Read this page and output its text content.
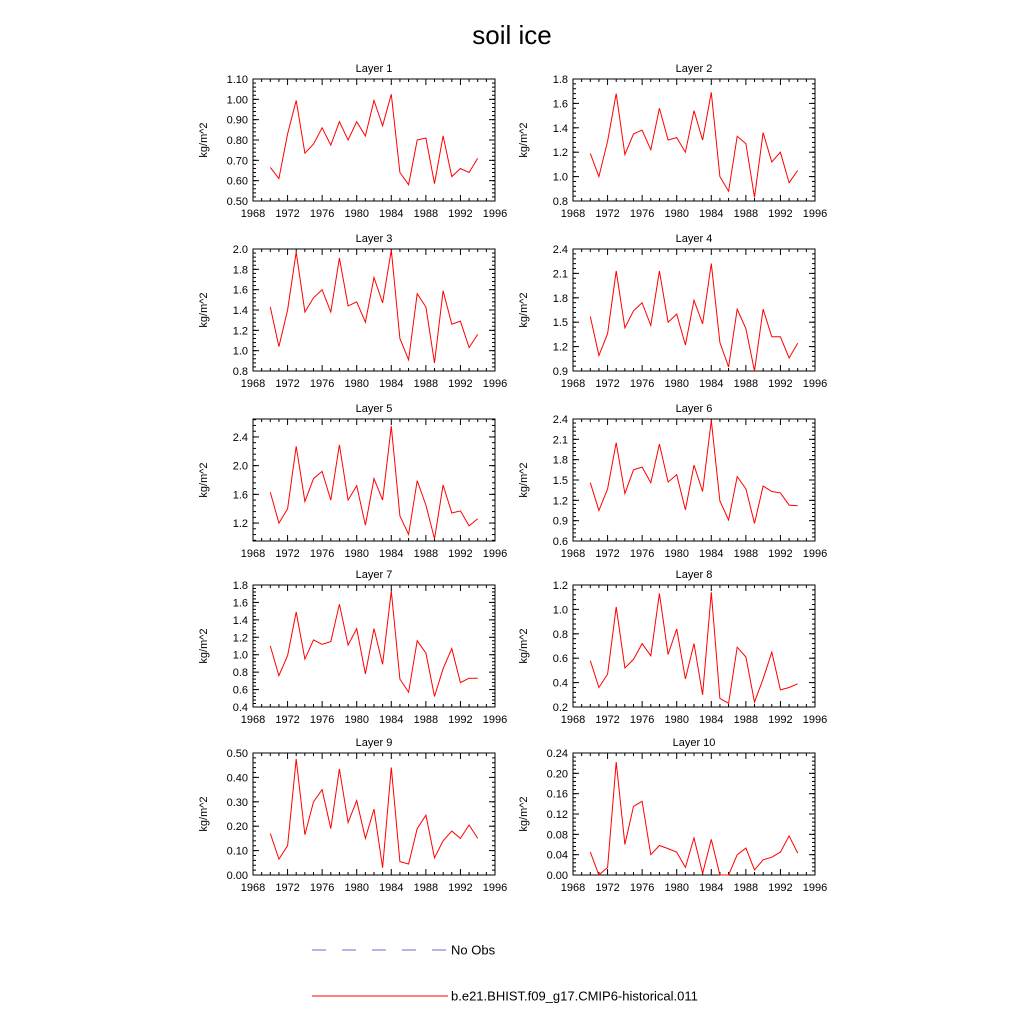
soil ice
Layer 1
kg/m^2
1968 1972 1976 1980 1984 1988 1992 1996
0.50
0.60
0.70
0.80
0.90
1.00
1.10
Layer 2
kg/m^2
1968 1972 1976 1980 1984 1988 1992 1996
0.8
1.0
1.2
1.4
1.6
1.8
Layer 3
kg/m^2
1968 1972 1976 1980 1984 1988 1992 1996
0.8
1.0
1.2
1.4
1.6
1.8
2.0
Layer 4
kg/m^2
1968 1972 1976 1980 1984 1988 1992 1996
0.9
1.2
1.5
1.8
2.1
2.4
Layer 5
kg/m^2
1968 1972 1976 1980 1984 1988 1992 1996
1.2
1.6
2.0
2.4
Layer 6
kg/m^2
1968 1972 1976 1980 1984 1988 1992 1996
0.6
0.9
1.2
1.5
1.8
2.1
2.4
Layer 7
kg/m^2
1968 1972 1976 1980 1984 1988 1992 1996
0.4
0.6
0.8
1.0
1.2
1.4
1.6
1.8
Layer 8
kg/m^2
1968 1972 1976 1980 1984 1988 1992 1996
0.2
0.4
0.6
0.8
1.0
1.2
Layer 9
kg/m^2
1968 1972 1976 1980 1984 1988 1992 1996
0.00
0.10
0.20
0.30
0.40
0.50
Layer 10
kg/m^2
1968 1972 1976 1980 1984 1988 1992 1996
0.00
0.04
0.08
0.12
0.16
0.20
0.24
No Obs
b.e21.BHIST.f09_g17.CMIP6-historical.011
